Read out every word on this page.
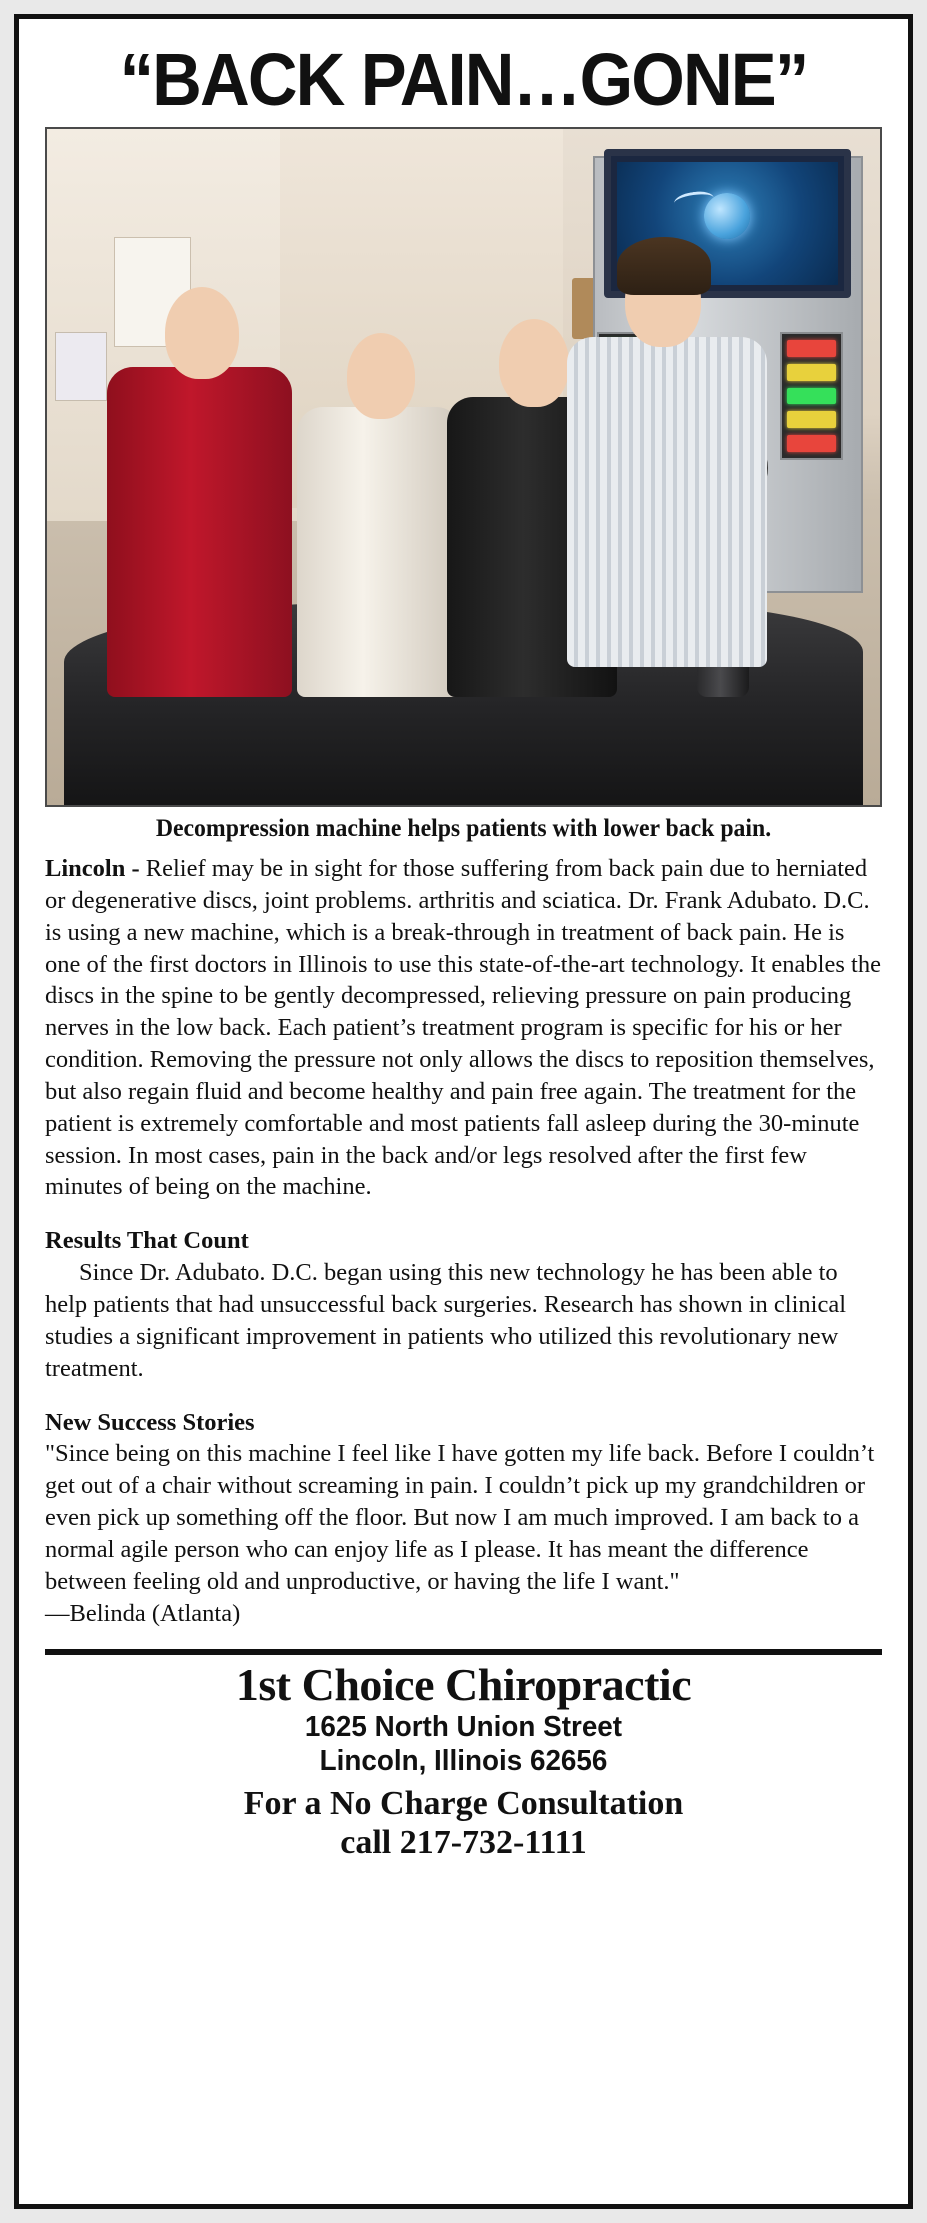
“BACK PAIN…GONE”
Decompression machine helps patients with lower back pain.

Lincoln - Relief may be in sight for those suffering from back pain due to herniated or degenerative discs, joint problems. arthritis and sciatica. Dr. Frank Adubato. D.C. is using a new machine, which is a break-through in treatment of back pain. He is one of the first doctors in Illinois to use this state-of-the-art technology. It enables the discs in the spine to be gently decompressed, relieving pressure on pain producing nerves in the low back. Each patient’s treatment program is specific for his or her condition. Removing the pressure not only allows the discs to reposition themselves, but also regain fluid and become healthy and pain free again. The treatment for the patient is extremely comfortable and most patients fall asleep during the 30-minute session. In most cases, pain in the back and/or legs resolved after the first few minutes of being on the machine.

Results That Count

Since Dr. Adubato. D.C. began using this new technology he has been able to help patients that had unsuccessful back surgeries. Research has shown in clinical studies a significant improvement in patients who utilized this revolutionary new treatment.

New Success Stories

"Since being on this machine I feel like I have gotten my life back. Before I couldn’t get out of a chair without screaming in pain. I couldn’t pick up my grandchildren or even pick up something off the floor. But now I am much improved. I am back to a normal agile person who can enjoy life as I please. It has meant the difference between feeling old and unproductive, or having the life I want."

—Belinda (Atlanta)

1st Choice Chiropractic
1625 North Union Street
Lincoln, Illinois 62656
For a No Charge Consultation
call 217-732-1111
